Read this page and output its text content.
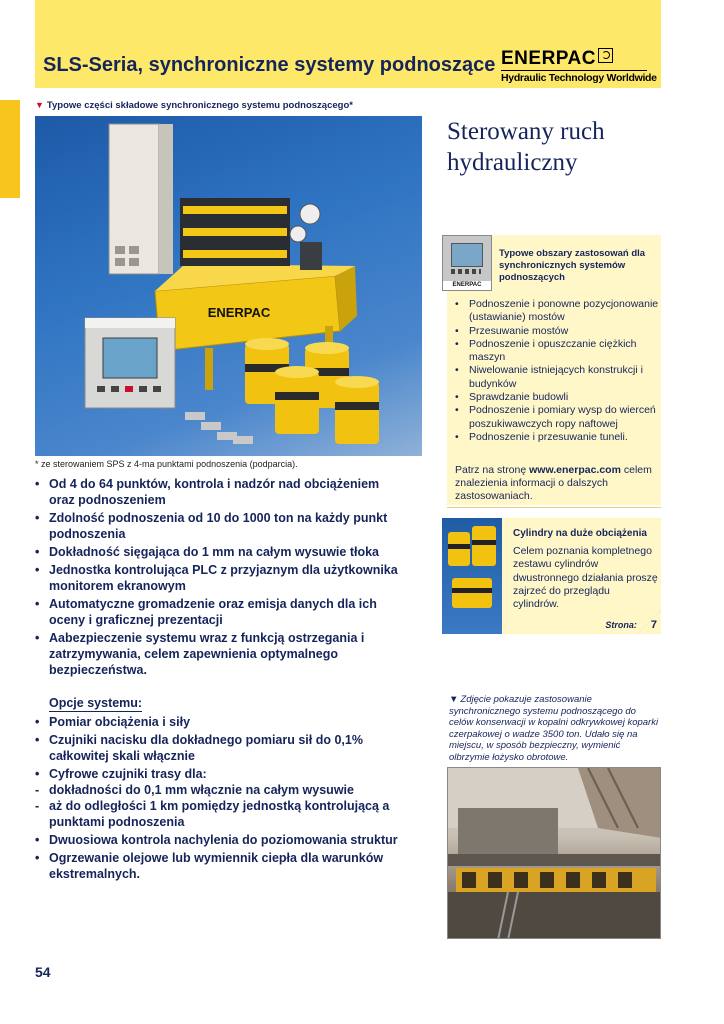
SLS-Seria, synchroniczne systemy podnoszące ENERPAC
Hydraulic Technology Worldwide
▼ Typowe części składowe synchronicznego systemu podnoszącego*
ENERPAC
* ze sterowaniem SPS z 4-ma punktami podnoszenia (podparcia).
• Od 4 do 64 punktów, kontrola i nadzór nad obciążeniem oraz podnoszeniem
• Zdolność podnoszenia od 10 do 1000 ton na każdy punkt podnoszenia
• Dokładność sięgająca do 1 mm na całym wysuwie tłoka
• Jednostka kontrolująca PLC z przyjaznym dla użytkownika monitorem ekranowym
• Automatyczne gromadzenie oraz emisja danych dla ich oceny i graficznej prezentacji
• Aabezpieczenie systemu wraz z funkcją ostrzegania i zatrzymywania, celem zapewnienia optymalnego bezpieczeństwa.
Opcje systemu:
• Pomiar obciążenia i siły
• Czujniki nacisku dla dokładnego pomiaru sił do 0,1% całkowitej skali włącznie
• Cyfrowe czujniki trasy dla:
- dokładności do 0,1 mm włącznie na całym wysuwie
- aż do odległości 1 km pomiędzy jednostką kontrolującą a punktami podnoszenia
• Dwuosiowa kontrola nachylenia do poziomowania struktur
• Ogrzewanie olejowe lub wymiennik ciepła dla warunków ekstremalnych.
54
Sterowany ruch hydrauliczny
ENERPAC
Typowe obszary zastosowań dla synchronicznych systemów podnoszących
• Podnoszenie i ponowne pozycjonowanie (ustawianie) mostów
• Przesuwanie mostów
• Podnoszenie i opuszczanie ciężkich maszyn
• Niwelowanie istniejących konstrukcji i budynków
• Sprawdzanie budowli
• Podnoszenie i pomiary wysp do wierceń poszukiwawczych ropy naftowej
• Podnoszenie i przesuwanie tuneli.
Patrz na stronę www.enerpac.com celem znalezienia informacji o dalszych zastosowaniach.
Cylindry na duże obciążenia
Celem poznania kompletnego zestawu cylindrów dwustronnego działania proszę zajrzeć do przeglądu cylindrów.
Strona: 7
▼ Zdjęcie pokazuje zastosowanie synchronicznego systemu podnoszącego do celów konserwacji w kopalni odkrywkowej koparki czerpakowej o wadze 3500 ton. Udało się na miejscu, w sposób bezpieczny, wymienić olbrzymie łożysko obrotowe.
